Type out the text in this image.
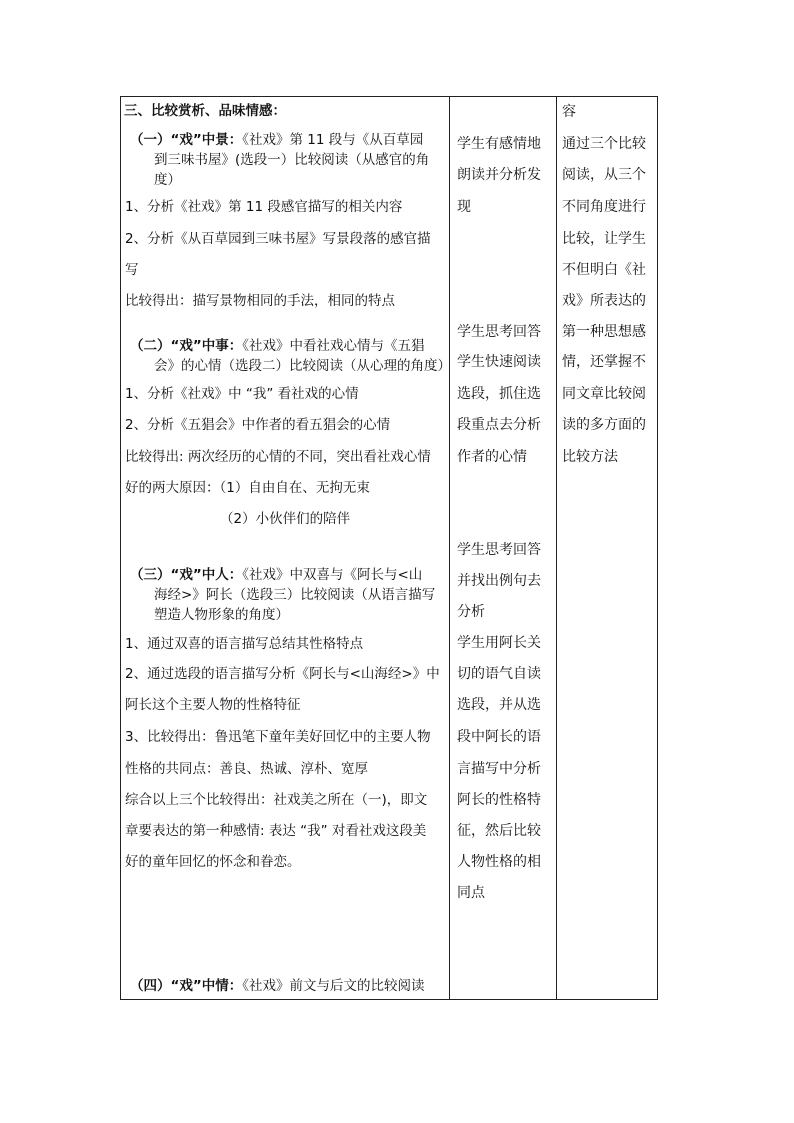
三、比较赏析、品味情感：
（一）“戏”中景：《社戏》第 11 段与《从百草园
到三味书屋》(选段一）比较阅读（从感官的角
度）
1、分析《社戏》第 11 段感官描写的相关内容
2、分析《从百草园到三味书屋》写景段落的感官描
写
比较得出：描写景物相同的手法，相同的特点
（二）“戏”中事：《社戏》中看社戏心情与《五猖
会》的心情（选段二）比较阅读（从心理的角度）
1、分析《社戏》中 “我” 看社戏的心情
2、分析《五猖会》中作者的看五猖会的心情
比较得出: 两次经历的心情的不同，突出看社戏心情
好的两大原因：（1）自由自在、无拘无束
（2）小伙伴们的陪伴
（三）“戏”中人：《社戏》中双喜与《阿长与<山
海经>》阿长（选段三）比较阅读（从语言描写
塑造人物形象的角度）
1、通过双喜的语言描写总结其性格特点
2、通过选段的语言描写分析《阿长与<山海经>》中
阿长这个主要人物的性格特征
3、比较得出：鲁迅笔下童年美好回忆中的主要人物
性格的共同点：善良、热诚、淳朴、宽厚
综合以上三个比较得出：社戏美之所在（一)，即文
章要表达的第一种感情: 表达 “我” 对看社戏这段美
好的童年回忆的怀念和眷恋。
（四）“戏”中情：《社戏》前文与后文的比较阅读
学生有感情地
朗读并分析发
现
学生思考回答
学生快速阅读
选段，抓住选
段重点去分析
作者的心情
学生思考回答
并找出例句去
分析
学生用阿长关
切的语气自读
选段，并从选
段中阿长的语
言描写中分析
阿长的性格特
征，然后比较
人物性格的相
同点
容
通过三个比较
阅读，从三个
不同角度进行
比较，让学生
不但明白《社
戏》所表达的
第一种思想感
情，还掌握不
同文章比较阅
读的多方面的
比较方法
